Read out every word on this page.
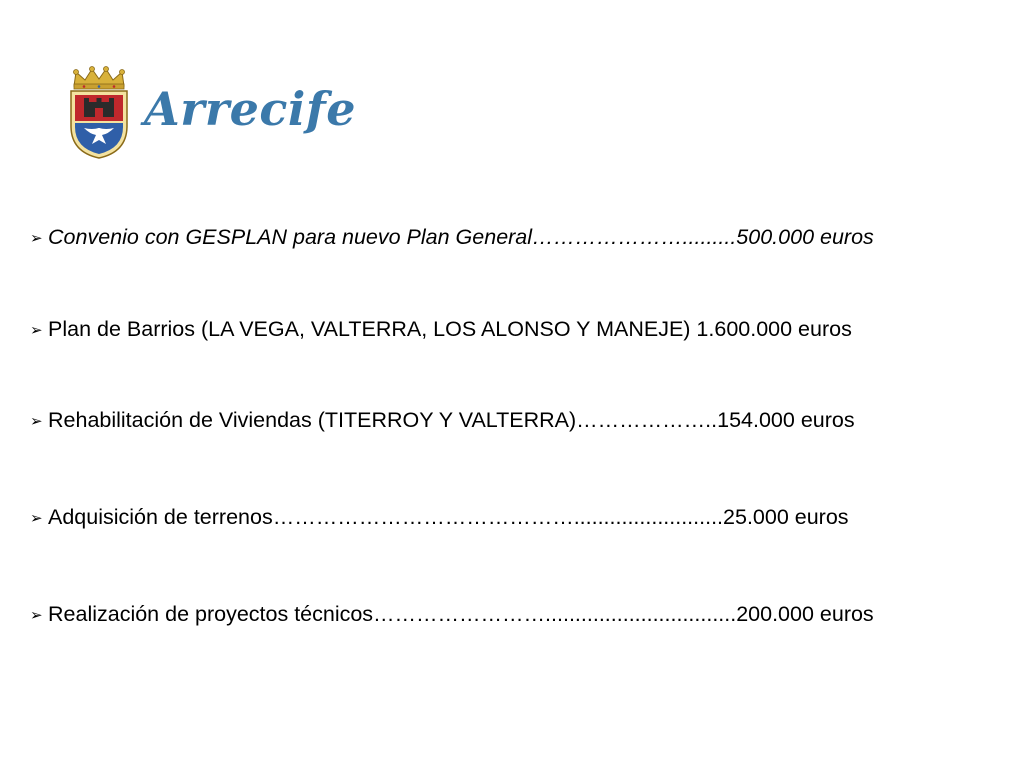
Arrecife
➢ Convenio con GESPLAN para nuevo Plan General………………….........500.000 euros
➢ Plan de Barrios (LA VEGA, VALTERRA, LOS ALONSO Y MANEJE) 1.600.000 euros
➢ Rehabilitación de Viviendas (TITERROY Y VALTERRA)………………..154.000 euros
➢ Adquisición de terrenos…………………………………….........................25.000 euros
➢ Realización de proyectos técnicos……………………................................200.000 euros
